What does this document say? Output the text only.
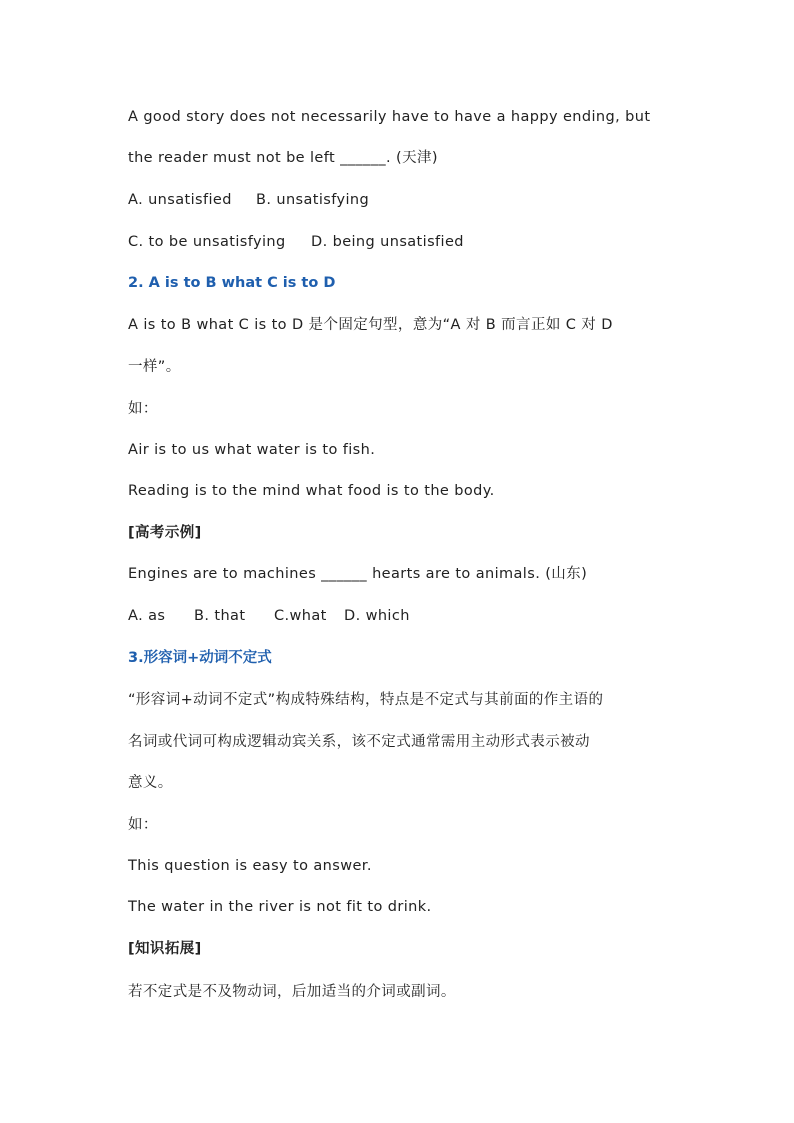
A good story does not necessarily have to have a happy ending, but
the reader must not be left ______. (天津)
A. unsatisfied B. unsatisfying
C. to be unsatisfying D. being unsatisfied
2. A is to B what C is to D
A is to B what C is to D 是个固定句型，意为“A 对 B 而言正如 C 对 D
一样”。
如：
Air is to us what water is to fish.
Reading is to the mind what food is to the body.
[高考示例]
Engines are to machines ______ hearts are to animals. (山东)
A. as B. that C.what D. which
3.形容词+动词不定式
“形容词+动词不定式”构成特殊结构，特点是不定式与其前面的作主语的
名词或代词可构成逻辑动宾关系，该不定式通常需用主动形式表示被动
意义。
如：
This question is easy to answer.
The water in the river is not fit to drink.
[知识拓展]
若不定式是不及物动词，后加适当的介词或副词。
